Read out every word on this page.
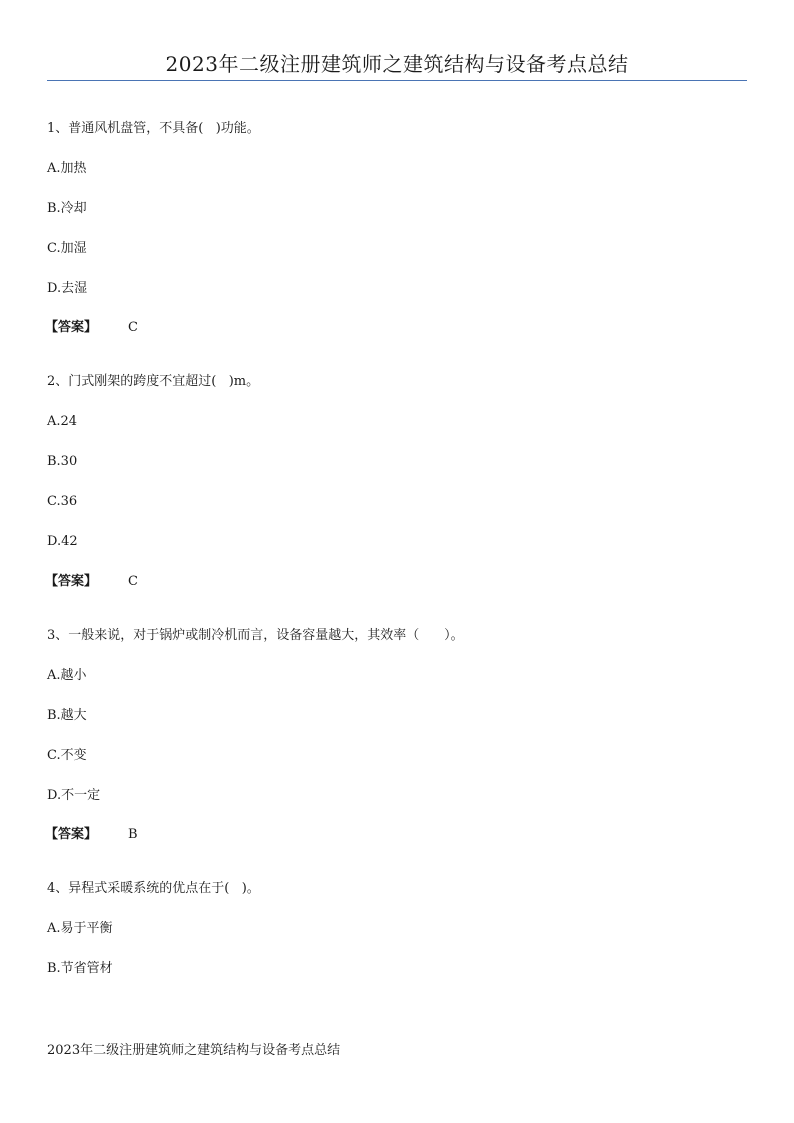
2023年二级注册建筑师之建筑结构与设备考点总结
1、普通风机盘管，不具备(   )功能。
A.加热
B.冷却
C.加湿
D.去湿
【答案】 C
2、门式刚架的跨度不宜超过(   )m。
A.24
B.30
C.36
D.42
【答案】 C
3、一般来说，对于锅炉或制冷机而言，设备容量越大，其效率（      ）。
A.越小
B.越大
C.不变
D.不一定
【答案】 B
4、异程式采暖系统的优点在于(   )。
A.易于平衡
B.节省管材
2023年二级注册建筑师之建筑结构与设备考点总结
